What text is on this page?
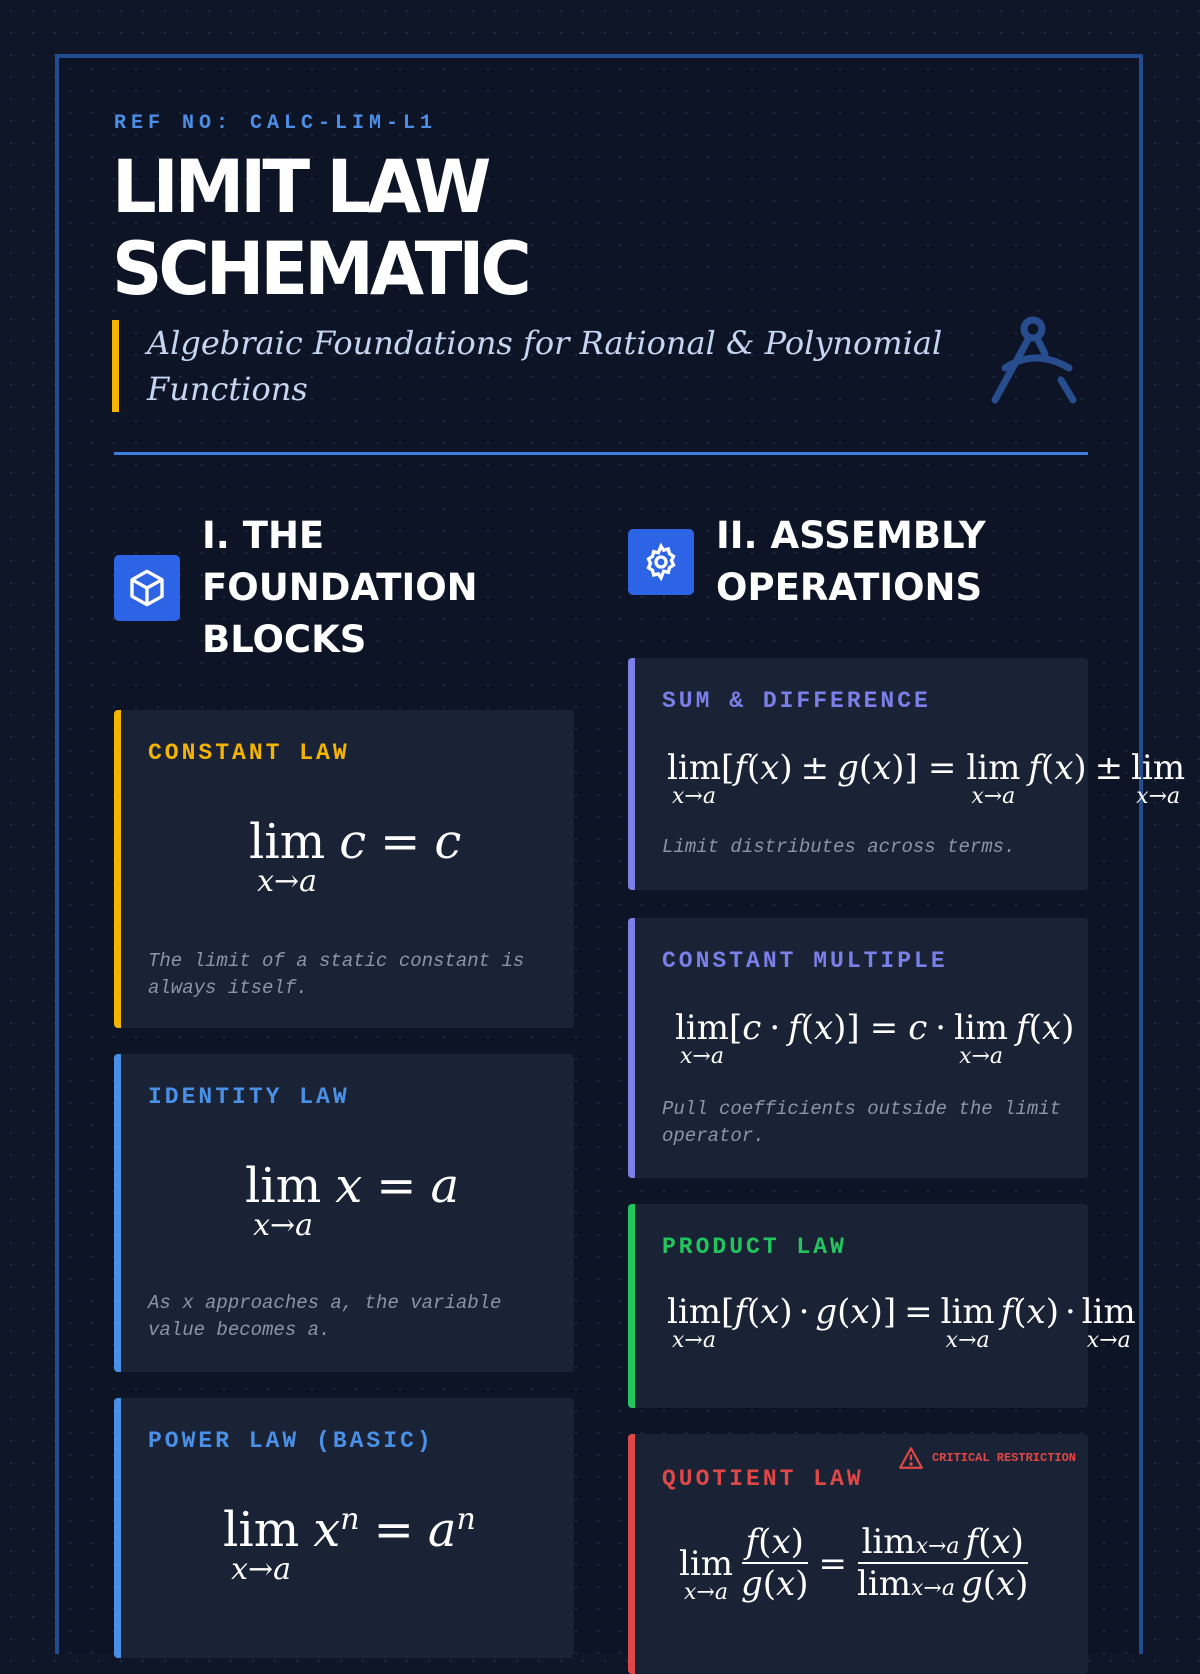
REF NO: CALC-LIM-L1
LIMIT LAW
SCHEMATIC
Algebraic Foundations for Rational & Polynomial Functions
I. THE FOUNDATION BLOCKS
II. ASSEMBLY OPERATIONS
CONSTANT LAW
lim
x→a
c = c
The limit of a static constant is always itself.
IDENTITY LAW
lim
x→a
x = a
As x approaches a, the variable value becomes a.
POWER LAW (BASIC)
lim
x→a
$x^n = a^n$
SUM & DIFFERENCE
lim
x→a
[ f ( x ) ± g ( x )] = lim
x→a
f ( x ) ± lim
x→a
Limit distributes across terms.
CONSTANT MULTIPLE
lim
x→a
[ c · f ( x )] = c · lim
x→a
f ( x )
Pull coefficients outside the limit operator.
PRODUCT LAW
lim
x→a
[ f ( x ) · g ( x )] = lim
x→a
f ( x ) · lim
x→a
QUOTIENT LAW
CRITICAL RESTRICTION
lim
$x\to a \frac{f(x)}{g(x)} = \frac{\text{limx→a f(x)}}{\text{limx→a g(x)}}$
